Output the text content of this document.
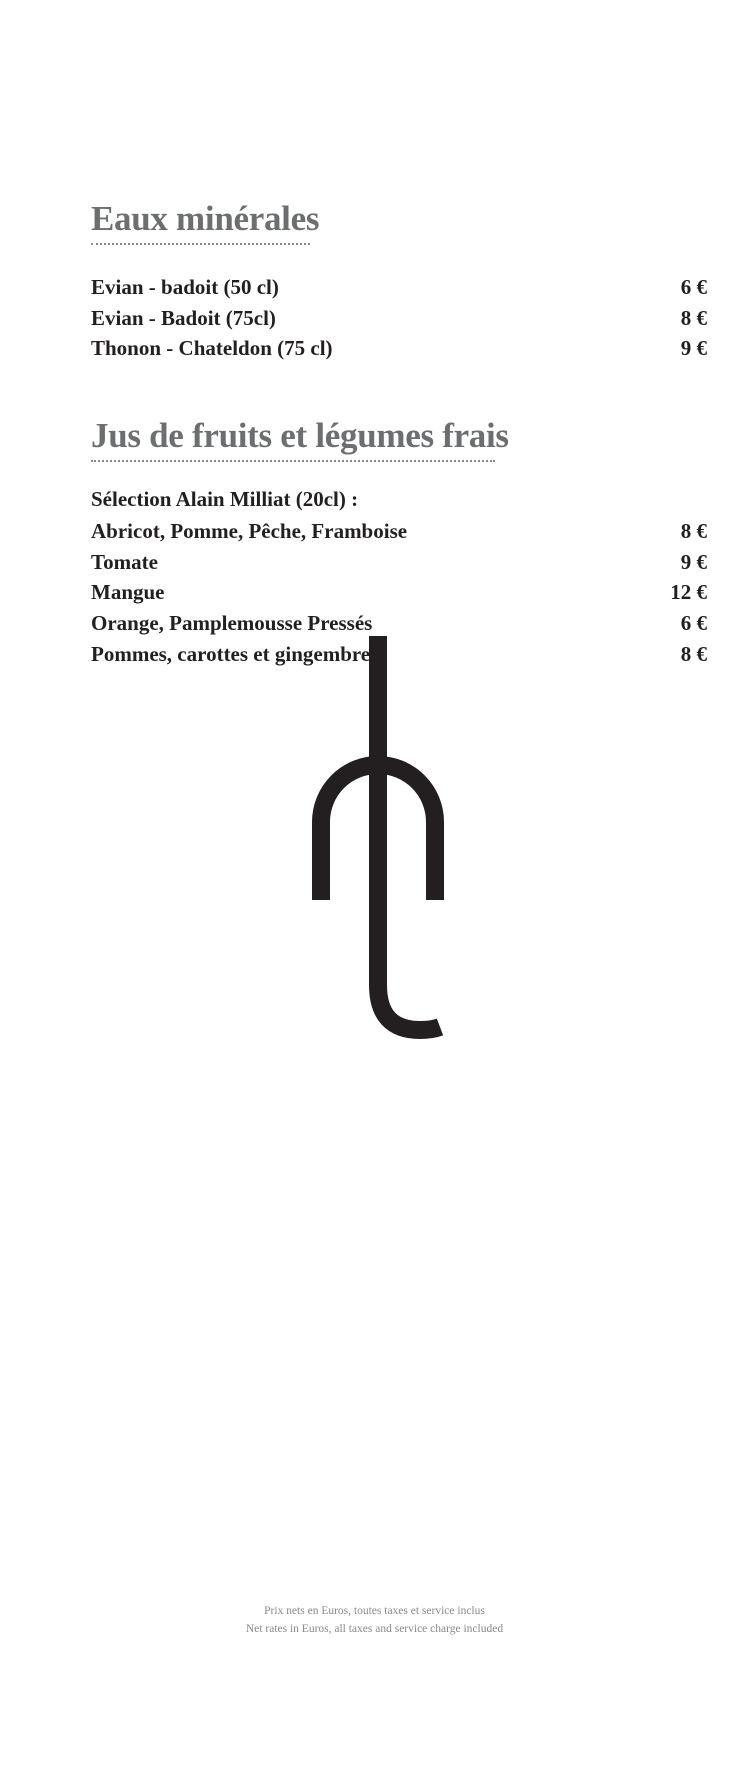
Eaux minérales
Evian - badoit (50 cl)	6 €
Evian - Badoit (75cl)	8 €
Thonon - Chateldon (75 cl)	9 €
Jus de fruits et légumes frais
Sélection Alain Milliat (20cl) :
Abricot, Pomme, Pêche, Framboise	8 €
Tomate	9 €
Mangue	12 €
Orange, Pamplemousse Pressés	6 €
Pommes, carottes et gingembre	8 €
Prix nets en Euros, toutes taxes et service inclus
Net rates in Euros, all taxes and service charge included
